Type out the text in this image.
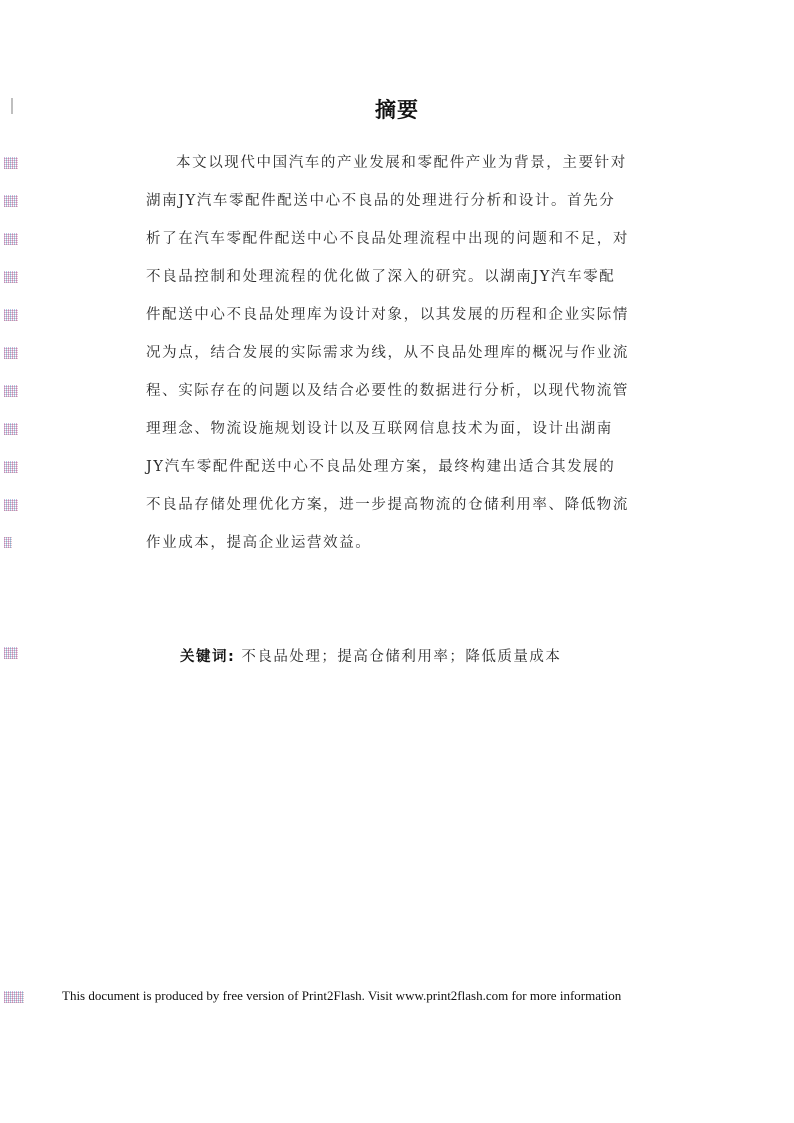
摘要
本文以现代中国汽车的产业发展和零配件产业为背景，主要针对
湖南JY汽车零配件配送中心不良品的处理进行分析和设计。首先分
析了在汽车零配件配送中心不良品处理流程中出现的问题和不足，对
不良品控制和处理流程的优化做了深入的研究。以湖南JY汽车零配
件配送中心不良品处理库为设计对象，以其发展的历程和企业实际情
况为点，结合发展的实际需求为线，从不良品处理库的概况与作业流
程、实际存在的问题以及结合必要性的数据进行分析，以现代物流管
理理念、物流设施规划设计以及互联网信息技术为面，设计出湖南
JY汽车零配件配送中心不良品处理方案，最终构建出适合其发展的
不良品存储处理优化方案，进一步提高物流的仓储利用率、降低物流
作业成本，提高企业运营效益。
关键词: 不良品处理；提高仓储利用率；降低质量成本
This document is produced by free version of Print2Flash. Visit www.print2flash.com for more information
